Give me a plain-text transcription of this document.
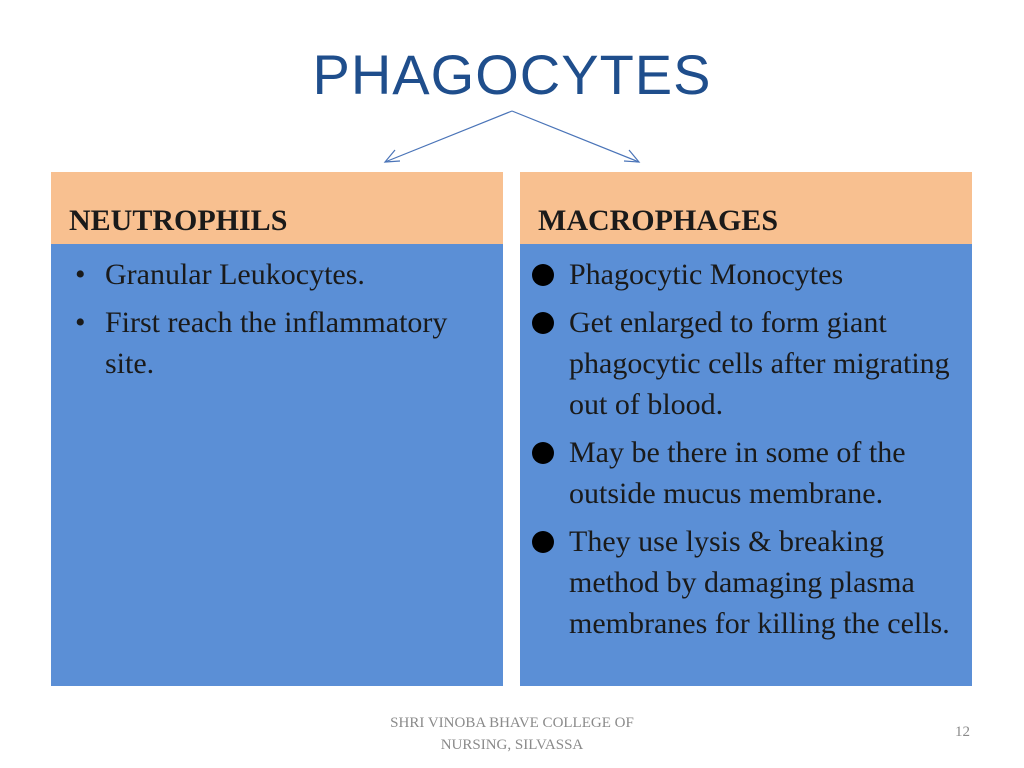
PHAGOCYTES
NEUTROPHILS
• Granular Leukocytes.
• First reach the inflammatory site.
MACROPHAGES
Phagocytic Monocytes
Get enlarged to form giant phagocytic cells after migrating out of blood.
May be there in some of the outside mucus membrane.
They use lysis & breaking method by damaging plasma membranes for killing the cells.
SHRI VINOBA BHAVE COLLEGE OF
NURSING, SILVASSA
12
